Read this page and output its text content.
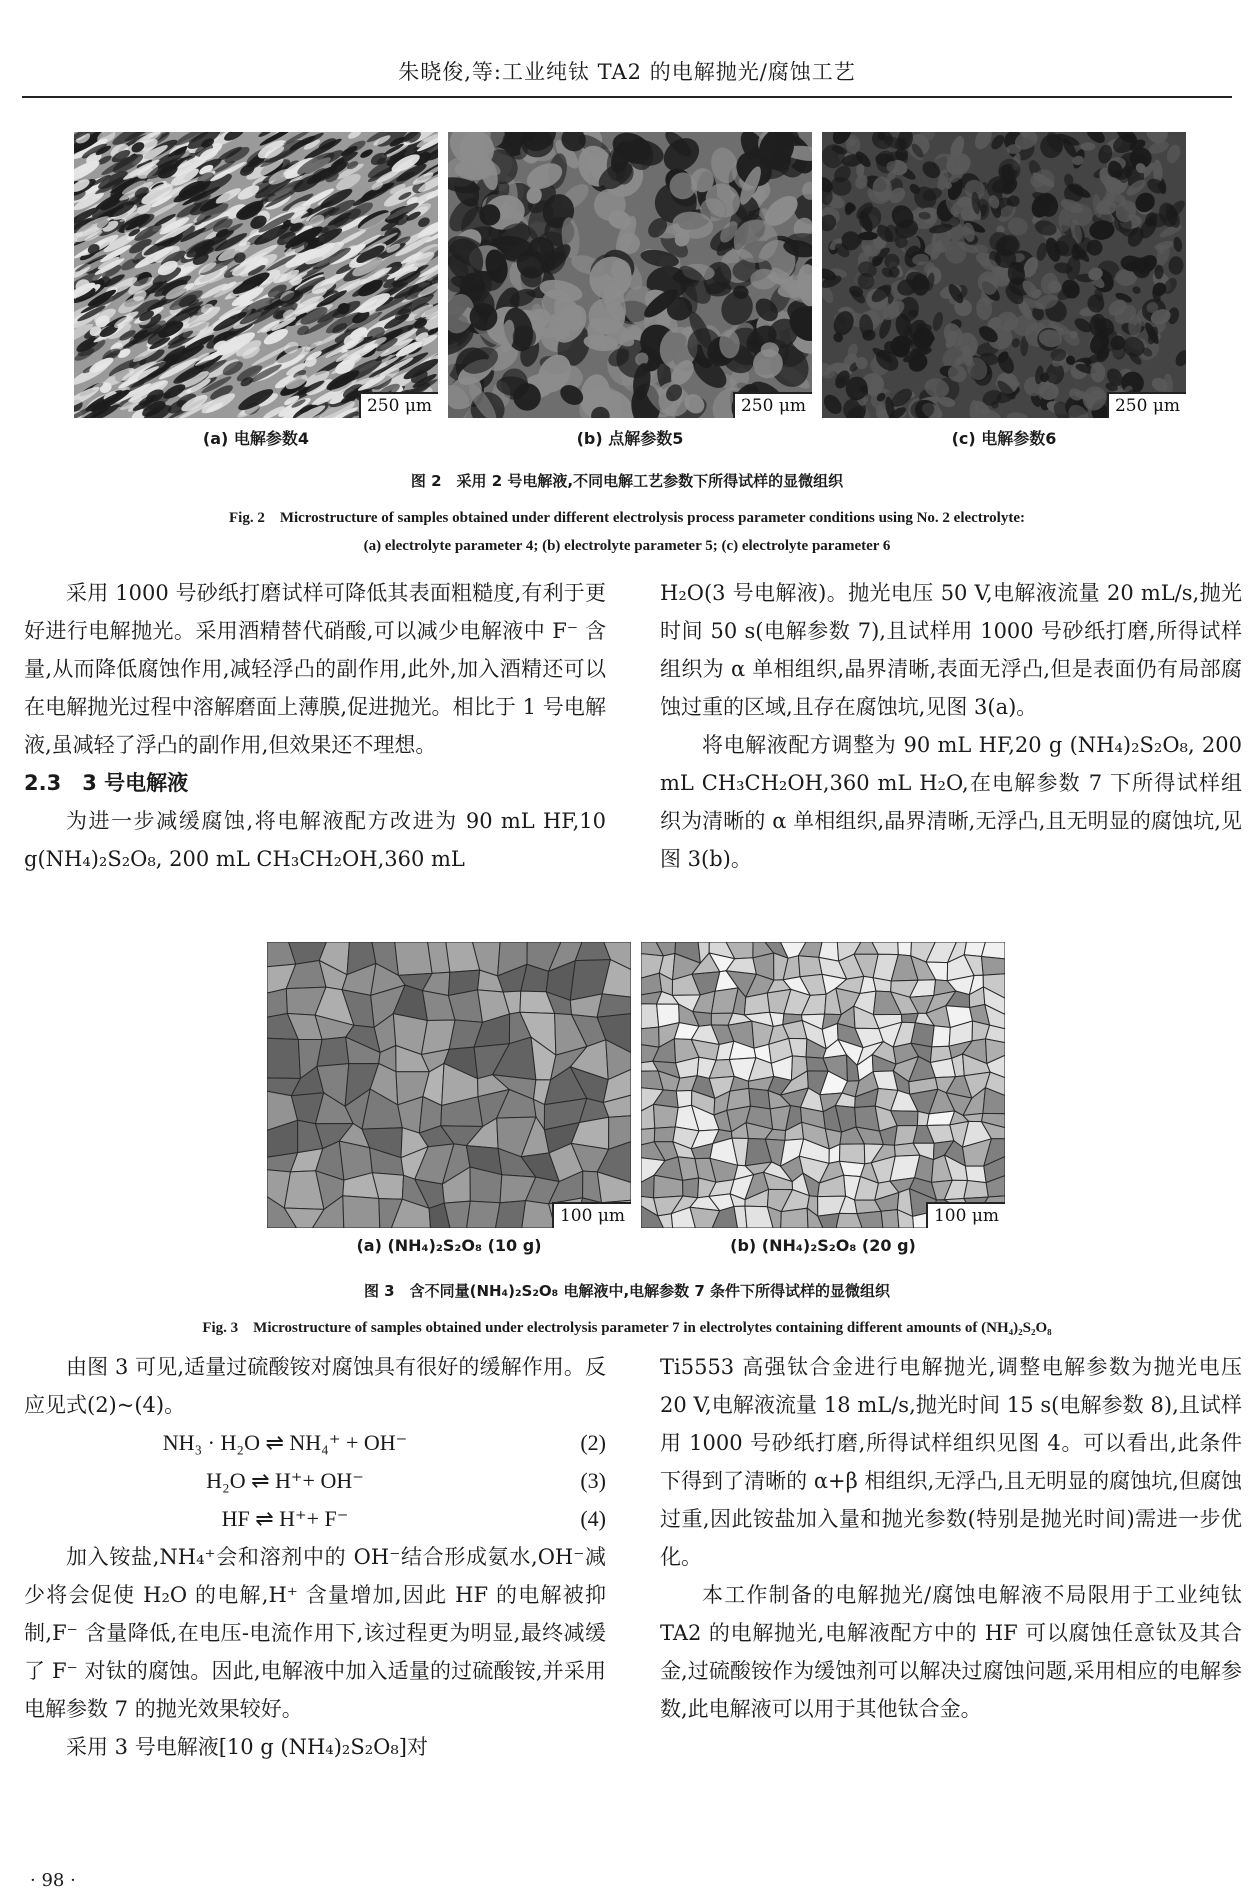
朱晓俊,等:工业纯钛 TA2 的电解抛光/腐蚀工艺
250 μm	250 μm	250 μm
(a) 电解参数4	(b) 点解参数5	(c) 电解参数6
图 2　采用 2 号电解液,不同电解工艺参数下所得试样的显微组织
Fig. 2　Microstructure of samples obtained under different electrolysis process parameter conditions using No. 2 electrolyte:
(a) electrolyte parameter 4; (b) electrolyte parameter 5; (c) electrolyte parameter 6

采用 1000 号砂纸打磨试样可降低其表面粗糙度,有利于更好进行电解抛光。采用酒精替代硝酸,可以减少电解液中 F⁻ 含量,从而降低腐蚀作用,减轻浮凸的副作用,此外,加入酒精还可以在电解抛光过程中溶解磨面上薄膜,促进抛光。相比于 1 号电解液,虽减轻了浮凸的副作用,但效果还不理想。

2.3　3 号电解液

为进一步减缓腐蚀,将电解液配方改进为 90 mL HF,10 g(NH₄)₂S₂O₈, 200 mL CH₃CH₂OH,360 mL

H₂O(3 号电解液)。抛光电压 50 V,电解液流量 20 mL/s,抛光时间 50 s(电解参数 7),且试样用 1000 号砂纸打磨,所得试样组织为 α 单相组织,晶界清晰,表面无浮凸,但是表面仍有局部腐蚀过重的区域,且存在腐蚀坑,见图 3(a)。

将电解液配方调整为 90 mL HF,20 g (NH₄)₂S₂O₈, 200 mL CH₃CH₂OH,360 mL H₂O,在电解参数 7 下所得试样组织为清晰的 α 单相组织,晶界清晰,无浮凸,且无明显的腐蚀坑,见图 3(b)。

100 μm	100 μm
(a) (NH₄)₂S₂O₈ (10 g)	(b) (NH₄)₂S₂O₈ (20 g)
图 3　含不同量(NH₄)₂S₂O₈ 电解液中,电解参数 7 条件下所得试样的显微组织
Fig. 3　Microstructure of samples obtained under electrolysis parameter 7 in electrolytes containing different amounts of (NH₄)₂S₂O₈

由图 3 可见,适量过硫酸铵对腐蚀具有很好的缓解作用。反应见式(2)~(4)。

NH₃ · H₂O ⇌ NH₄⁺ + OH⁻	(2)
H₂O ⇌ H⁺+ OH⁻	(3)
HF ⇌ H⁺+ F⁻	(4)

加入铵盐,NH₄⁺会和溶剂中的 OH⁻结合形成氨水,OH⁻减少将会促使 H₂O 的电解,H⁺ 含量增加,因此 HF 的电解被抑制,F⁻ 含量降低,在电压-电流作用下,该过程更为明显,最终减缓了 F⁻ 对钛的腐蚀。因此,电解液中加入适量的过硫酸铵,并采用电解参数 7 的抛光效果较好。

采用 3 号电解液[10 g (NH₄)₂S₂O₈]对

Ti5553 高强钛合金进行电解抛光,调整电解参数为抛光电压 20 V,电解液流量 18 mL/s,抛光时间 15 s(电解参数 8),且试样用 1000 号砂纸打磨,所得试样组织见图 4。可以看出,此条件下得到了清晰的 α+β 相组织,无浮凸,且无明显的腐蚀坑,但腐蚀过重,因此铵盐加入量和抛光参数(特别是抛光时间)需进一步优化。

本工作制备的电解抛光/腐蚀电解液不局限用于工业纯钛 TA2 的电解抛光,电解液配方中的 HF 可以腐蚀任意钛及其合金,过硫酸铵作为缓蚀剂可以解决过腐蚀问题,采用相应的电解参数,此电解液可以用于其他钛合金。

· 98 ·
